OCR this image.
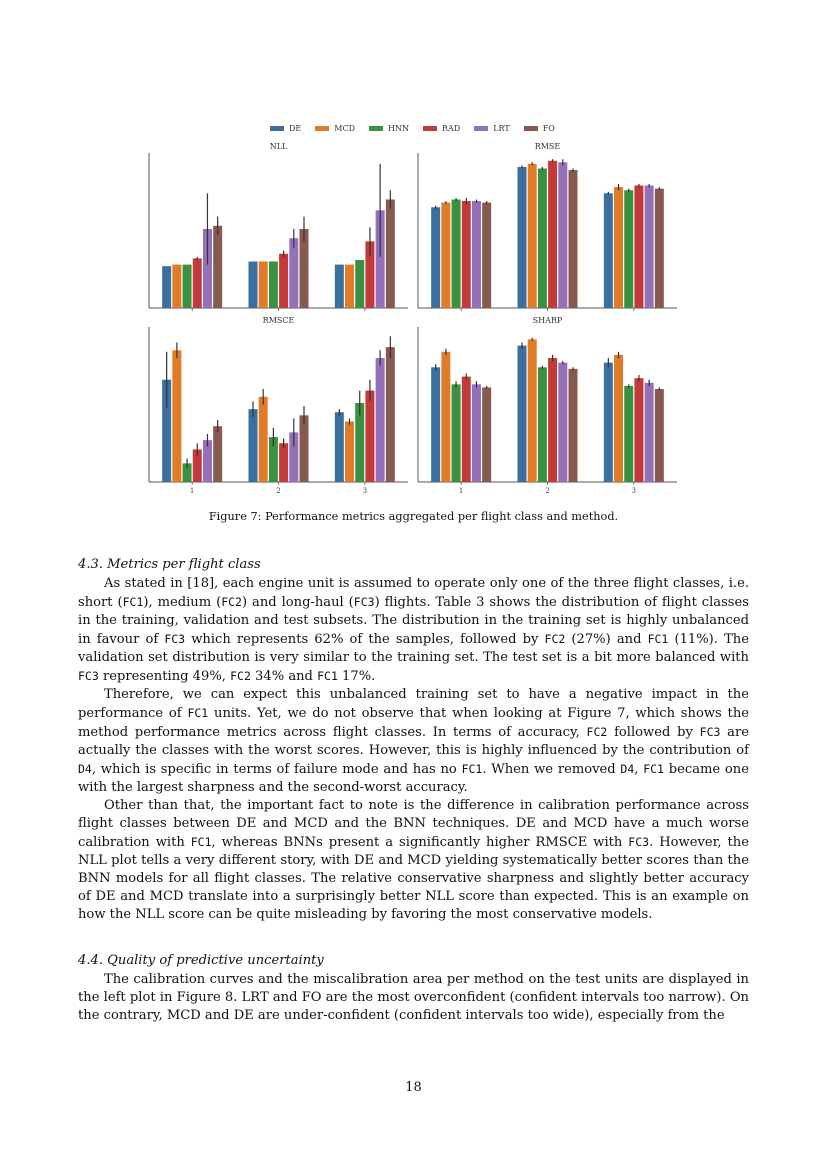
DE	MCD	HNN	RAD	LRT	FO
NLL	RMSE
RMSCE
1	2	3
SHARP
1	2	3
Figure 7: Performance metrics aggregated per flight class and method.
4.3. Metrics per flight class

As stated in [18], each engine unit is assumed to operate only one of the three flight classes, i.e. short (FC1), medium (FC2) and long-haul (FC3) flights. Table 3 shows the distribution of flight classes in the training, validation and test subsets. The distribution in the training set is highly unbalanced in favour of FC3 which represents 62% of the samples, followed by FC2 (27%) and FC1 (11%). The validation set distribution is very similar to the training set. The test set is a bit more balanced with FC3 representing 49%, FC2 34% and FC1 17%.

Therefore, we can expect this unbalanced training set to have a negative impact in the performance of FC1 units. Yet, we do not observe that when looking at Figure 7, which shows the method performance metrics across flight classes. In terms of accuracy, FC2 followed by FC3 are actually the classes with the worst scores. However, this is highly influenced by the contribution of D4, which is specific in terms of failure mode and has no FC1. When we removed D4, FC1 became one with the largest sharpness and the second-worst accuracy.

Other than that, the important fact to note is the difference in calibration performance across flight classes between DE and MCD and the BNN techniques. DE and MCD have a much worse calibration with FC1, whereas BNNs present a significantly higher RMSCE with FC3. However, the NLL plot tells a very different story, with DE and MCD yielding systematically better scores than the BNN models for all flight classes. The relative conservative sharpness and slightly better accuracy of DE and MCD translate into a surprisingly better NLL score than expected. This is an example on how the NLL score can be quite misleading by favoring the most conservative models.

4.4. Quality of predictive uncertainty

The calibration curves and the miscalibration area per method on the test units are displayed in the left plot in Figure 8. LRT and FO are the most overconfident (confident intervals too narrow). On the contrary, MCD and DE are under-confident (confident intervals too wide), especially from the

18
